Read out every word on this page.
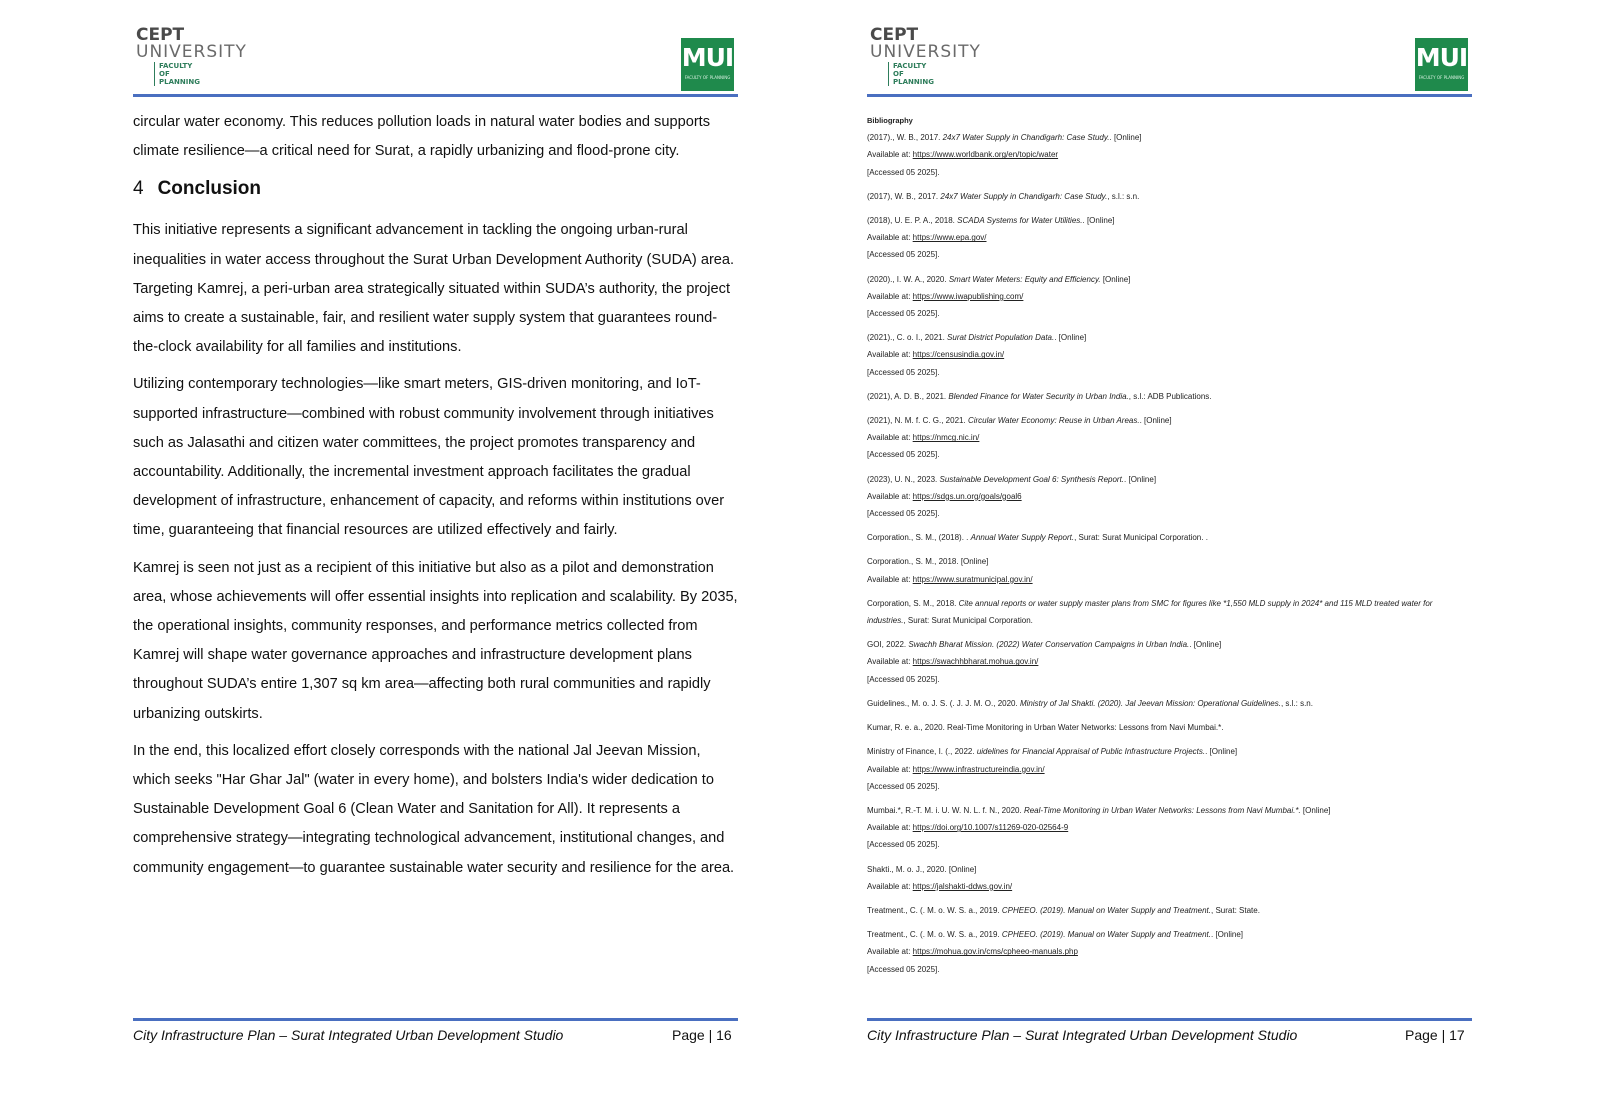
CEPT
UNIVERSITY
FACULTY OF PLANNING
MUI
FACULTY OF PLANNING

circular water economy. This reduces pollution loads in natural water bodies and supports climate resilience—a critical need for Surat, a rapidly urbanizing and flood-prone city.

4 Conclusion

This initiative represents a significant advancement in tackling the ongoing urban-rural inequalities in water access throughout the Surat Urban Development Authority (SUDA) area. Targeting Kamrej, a peri-urban area strategically situated within SUDA’s authority, the project aims to create a sustainable, fair, and resilient water supply system that guarantees round-the-clock availability for all families and institutions.

Utilizing contemporary technologies—like smart meters, GIS-driven monitoring, and IoT-supported infrastructure—combined with robust community involvement through initiatives such as Jalasathi and citizen water committees, the project promotes transparency and accountability. Additionally, the incremental investment approach facilitates the gradual development of infrastructure, enhancement of capacity, and reforms within institutions over time, guaranteeing that financial resources are utilized effectively and fairly.

Kamrej is seen not just as a recipient of this initiative but also as a pilot and demonstration area, whose achievements will offer essential insights into replication and scalability. By 2035, the operational insights, community responses, and performance metrics collected from Kamrej will shape water governance approaches and infrastructure development plans throughout SUDA’s entire 1,307 sq km area—affecting both rural communities and rapidly urbanizing outskirts.

In the end, this localized effort closely corresponds with the national Jal Jeevan Mission, which seeks "Har Ghar Jal" (water in every home), and bolsters India's wider dedication to Sustainable Development Goal 6 (Clean Water and Sanitation for All). It represents a comprehensive strategy—integrating technological advancement, institutional changes, and community engagement—to guarantee sustainable water security and resilience for the area.

City Infrastructure Plan – Surat Integrated Urban Development Studio	Page | 16
CEPT
UNIVERSITY
FACULTY OF PLANNING
MUI
FACULTY OF PLANNING
City Infrastructure Plan – Surat Integrated Urban Development Studio	Page | 17
Bibliography
(2017)., W. B., 2017. 24x7 Water Supply in Chandigarh: Case Study.. [Online]
Available at: https://www.worldbank.org/en/topic/water
[Accessed 05 2025].
(2017), W. B., 2017. 24x7 Water Supply in Chandigarh: Case Study., s.l.: s.n.
(2018), U. E. P. A., 2018. SCADA Systems for Water Utilities.. [Online]
Available at: https://www.epa.gov/
[Accessed 05 2025].
(2020)., I. W. A., 2020. Smart Water Meters: Equity and Efficiency. [Online]
Available at: https://www.iwapublishing.com/
[Accessed 05 2025].
(2021)., C. o. I., 2021. Surat District Population Data.. [Online]
Available at: https://censusindia.gov.in/
[Accessed 05 2025].
(2021), A. D. B., 2021. Blended Finance for Water Security in Urban India., s.l.: ADB Publications.
(2021), N. M. f. C. G., 2021. Circular Water Economy: Reuse in Urban Areas.. [Online]
Available at: https://nmcg.nic.in/
[Accessed 05 2025].
(2023), U. N., 2023. Sustainable Development Goal 6: Synthesis Report.. [Online]
Available at: https://sdgs.un.org/goals/goal6
[Accessed 05 2025].
Corporation., S. M., (2018). . Annual Water Supply Report., Surat: Surat Municipal Corporation. .
Corporation., S. M., 2018. [Online]
Available at: https://www.suratmunicipal.gov.in/
Corporation, S. M., 2018. Cite annual reports or water supply master plans from SMC for figures like *1,550 MLD supply in 2024* and 115 MLD treated water for industries., Surat: Surat Municipal Corporation.
GOI, 2022. Swachh Bharat Mission. (2022) Water Conservation Campaigns in Urban India.. [Online]
Available at: https://swachhbharat.mohua.gov.in/
[Accessed 05 2025].
Guidelines., M. o. J. S. (. J. J. M. O., 2020. Ministry of Jal Shakti. (2020). Jal Jeevan Mission: Operational Guidelines., s.l.: s.n.
Kumar, R. e. a., 2020. Real-Time Monitoring in Urban Water Networks: Lessons from Navi Mumbai.*.
Ministry of Finance, I. (., 2022. uidelines for Financial Appraisal of Public Infrastructure Projects.. [Online]
Available at: https://www.infrastructureindia.gov.in/
[Accessed 05 2025].
Mumbai.*, R.-T. M. i. U. W. N. L. f. N., 2020. Real-Time Monitoring in Urban Water Networks: Lessons from Navi Mumbai.*. [Online]
Available at: https://doi.org/10.1007/s11269-020-02564-9
[Accessed 05 2025].
Shakti., M. o. J., 2020. [Online]
Available at: https://jalshakti-ddws.gov.in/
Treatment., C. (. M. o. W. S. a., 2019. CPHEEO. (2019). Manual on Water Supply and Treatment., Surat: State.
Treatment., C. (. M. o. W. S. a., 2019. CPHEEO. (2019). Manual on Water Supply and Treatment.. [Online]
Available at: https://mohua.gov.in/cms/cpheeo-manuals.php
[Accessed 05 2025].
